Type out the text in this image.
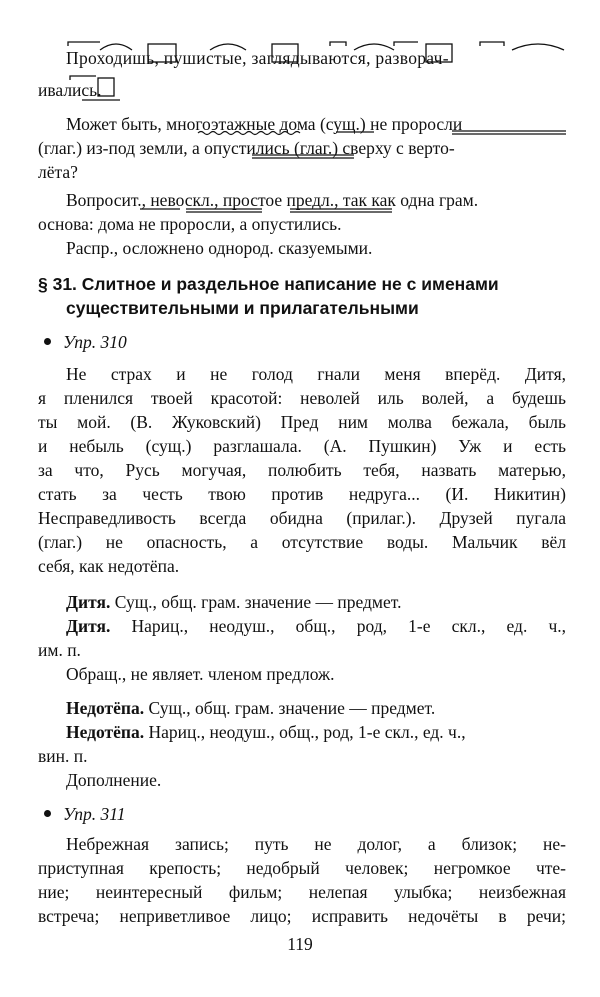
Проходишь, пушистые, заглядываются, разворач-
ивались.
Может быть, многоэтажные дома (сущ.) не проросли
(глаг.) из-под земли, а опустились (глаг.) сверху с верто-
лёта?
Вопросит., невоскл., простое предл., так как одна грам.
основа: дома не проросли, а опустились.
Распр., осложнено однород. сказуемыми.
§ 31. Слитное и раздельное написание не с именами
существительными и прилагательными
Упр. 310
Не страх и не голод гнали меня вперёд. Дитя,
я пленился твоей красотой: неволей иль волей, а будешь
ты мой. (В. Жуковский) Пред ним молва бежала, быль
и небыль (сущ.) разглашала. (А. Пушкин) Уж и есть
за что, Русь могучая, полюбить тебя, назвать матерью,
стать за честь твою против недруга... (И. Никитин)
Несправедливость всегда обидна (прилаг.). Друзей пугала
(глаг.) не опасность, а отсутствие воды. Мальчик вёл
себя, как недотёпа.
Дитя. Сущ., общ. грам. значение — предмет.
Дитя. Нариц., неодуш., общ., род, 1-е скл., ед. ч.,
им. п.
Обращ., не являет. членом предлож.
Недотёпа. Сущ., общ. грам. значение — предмет.
Недотёпа. Нариц., неодуш., общ., род, 1-е скл., ед. ч.,
вин. п.
Дополнение.
Упр. 311
Небрежная запись; путь не долог, а близок; не-
приступная крепость; недобрый человек; негромкое чте-
ние; неинтересный фильм; нелепая улыбка; неизбежная
встреча; неприветливое лицо; исправить недочёты в речи;
119
